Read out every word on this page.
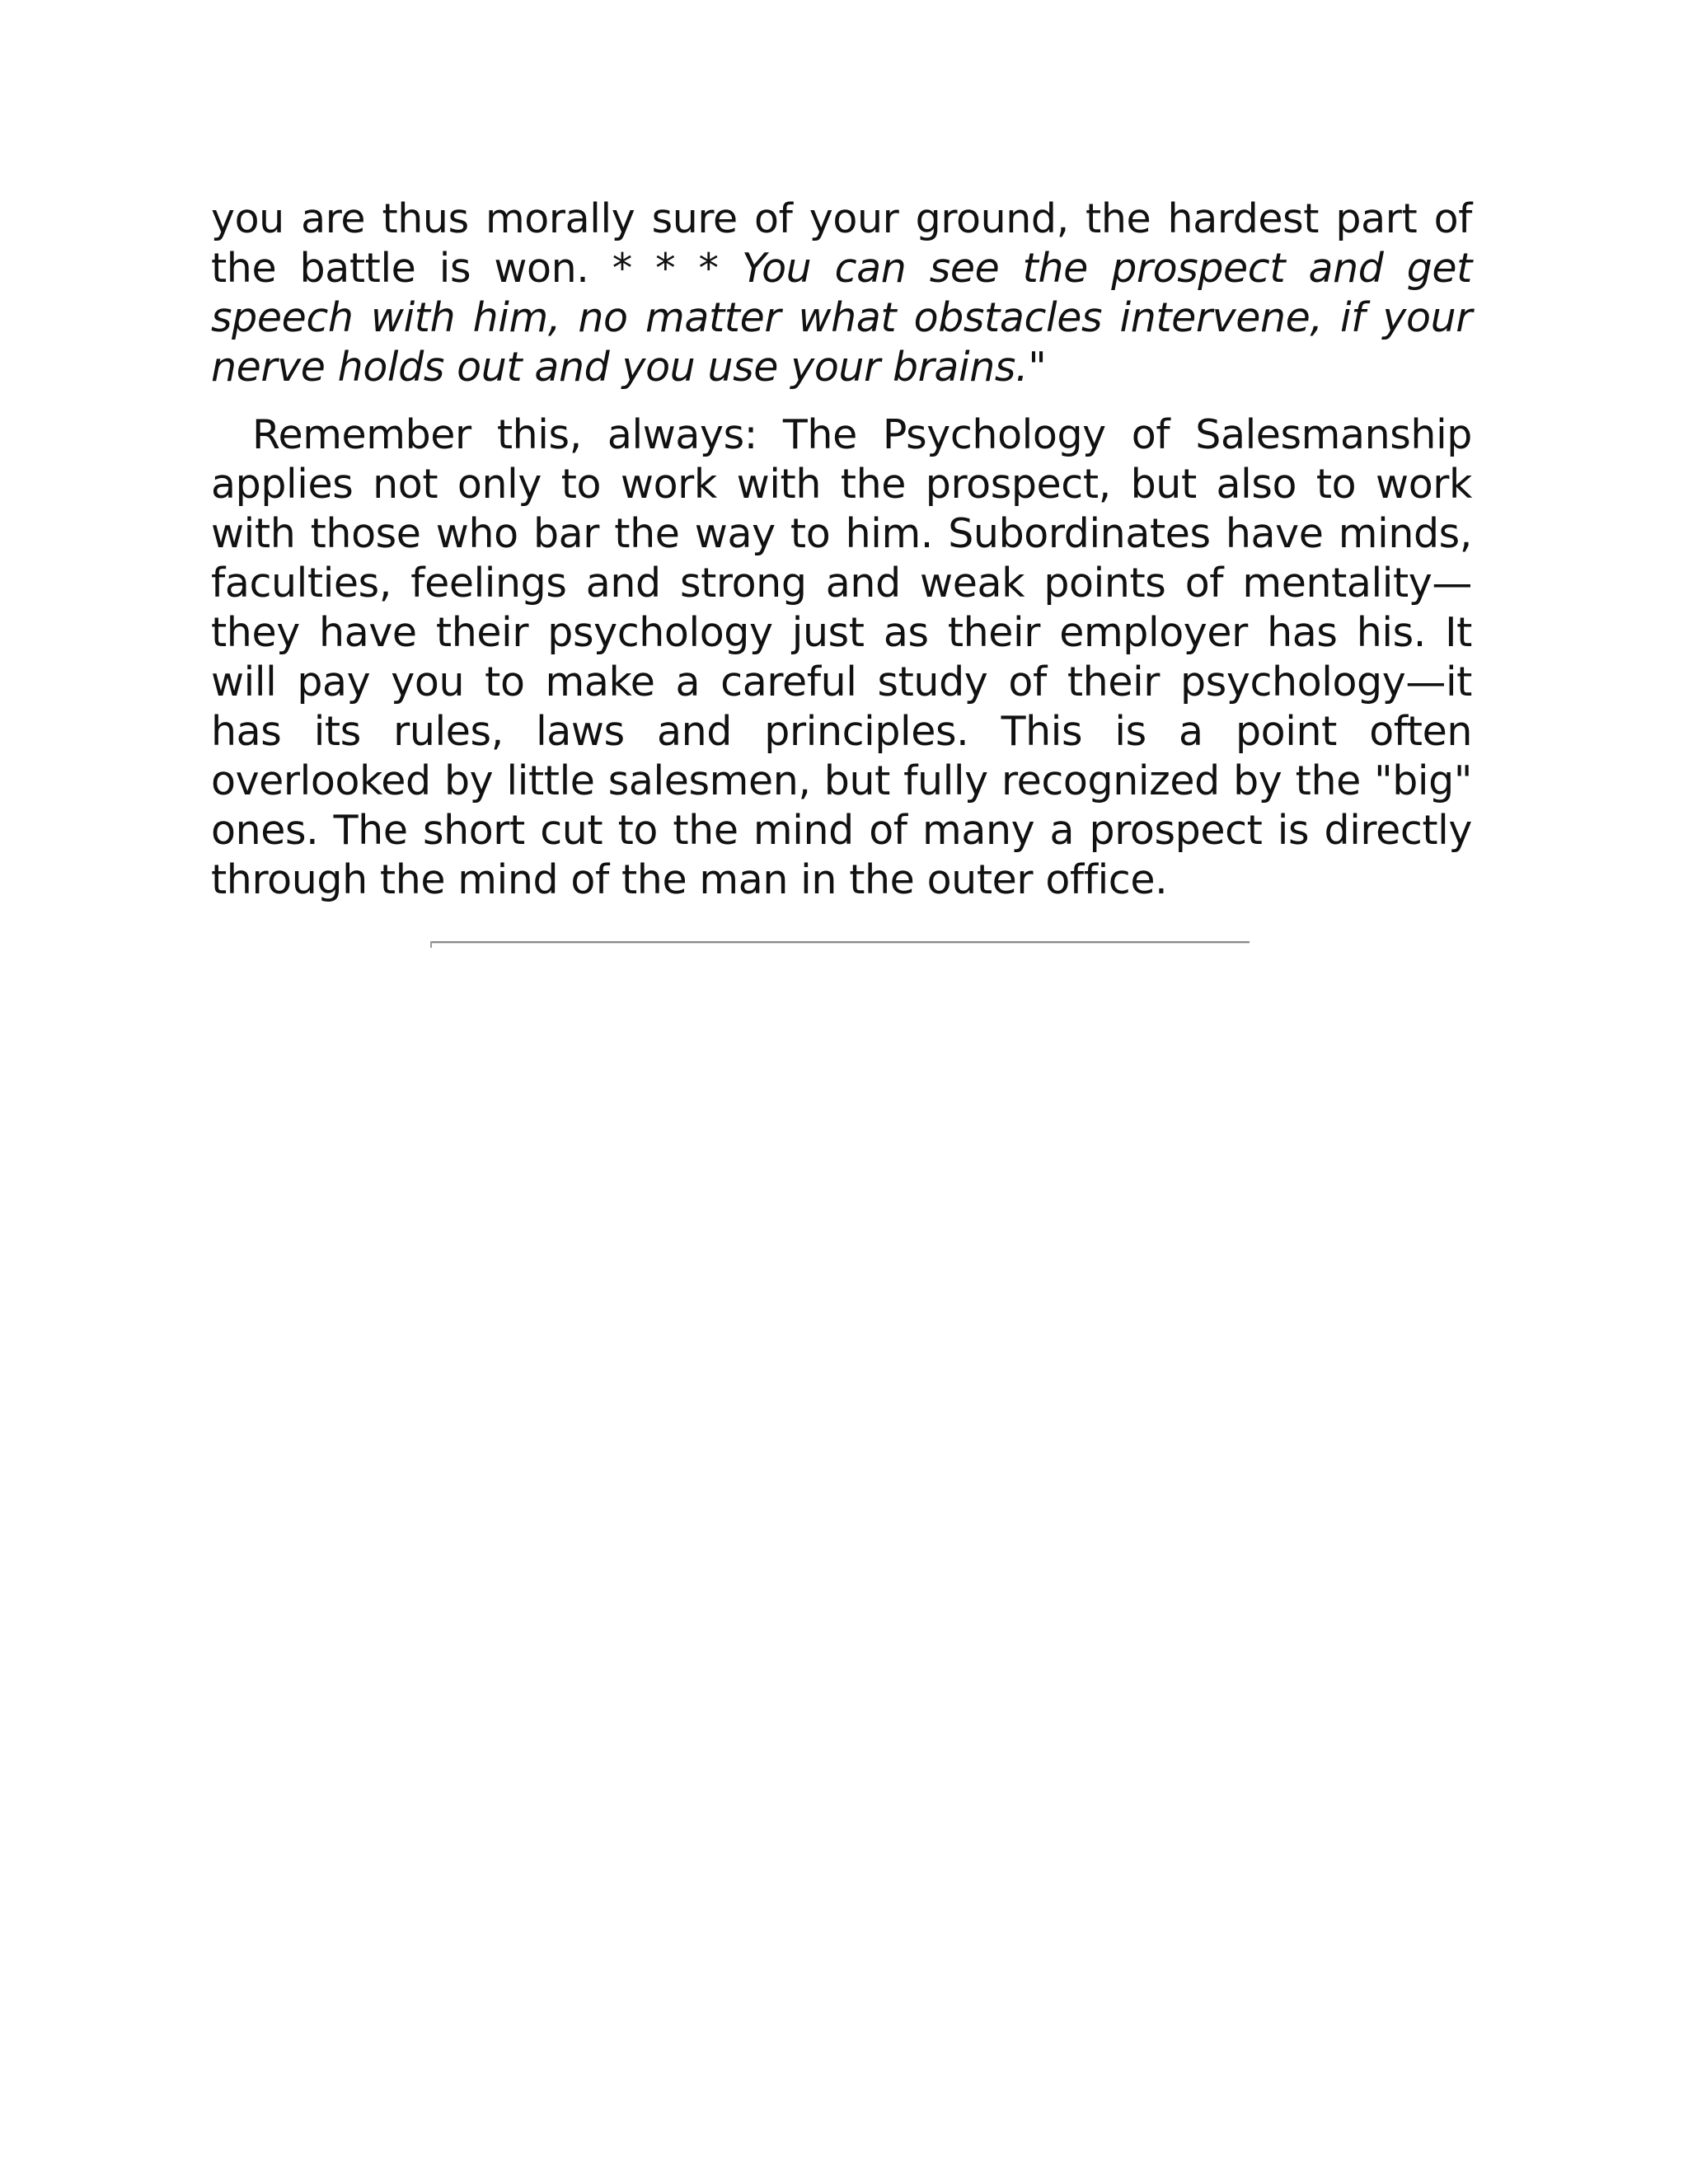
you are thus morally sure of your ground, the hardest part of the battle is won. * * * You can see the prospect and get speech with him, no matter what obstacles intervene, if your nerve holds out and you use your brains."

Remember this, always: The Psychology of Salesmanship applies not only to work with the prospect, but also to work with those who bar the way to him. Subordinates have minds, faculties, feelings and strong and weak points of mentality—they have their psychology just as their employer has his. It will pay you to make a careful study of their psychology—it has its rules, laws and principles. This is a point often overlooked by little salesmen, but fully recognized by the "big" ones. The short cut to the mind of many a prospect is directly through the mind of the man in the outer office.
